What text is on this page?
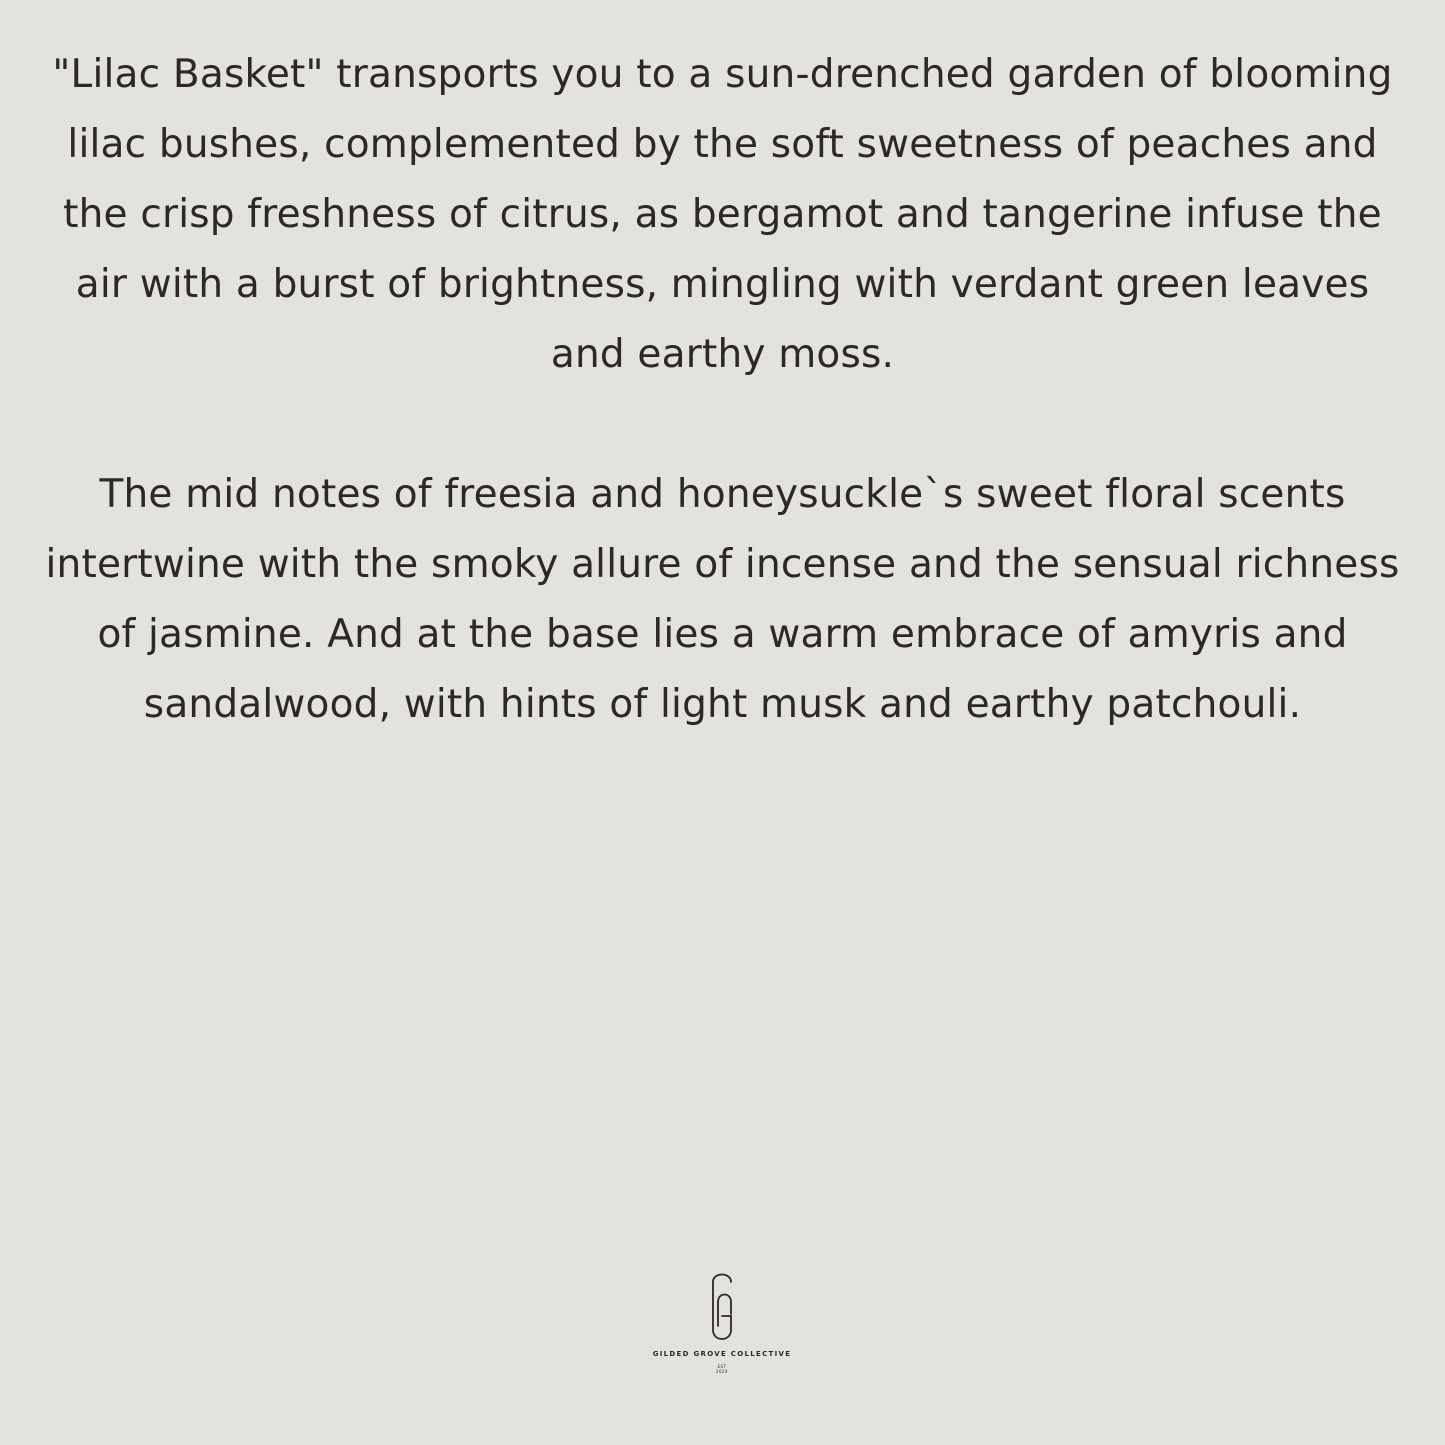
"Lilac Basket" transports you to a sun-drenched garden of blooming lilac bushes, complemented by the soft sweetness of peaches and the crisp freshness of citrus, as bergamot and tangerine infuse the air with a burst of brightness, mingling with verdant green leaves and earthy moss.

The mid notes of freesia and honeysuckle`s sweet floral scents intertwine with the smoky allure of incense and the sensual richness of jasmine. And at the base lies a warm embrace of amyris and sandalwood, with hints of light musk and earthy patchouli.

GILDED GROVE COLLECTIVE
EST
2024
